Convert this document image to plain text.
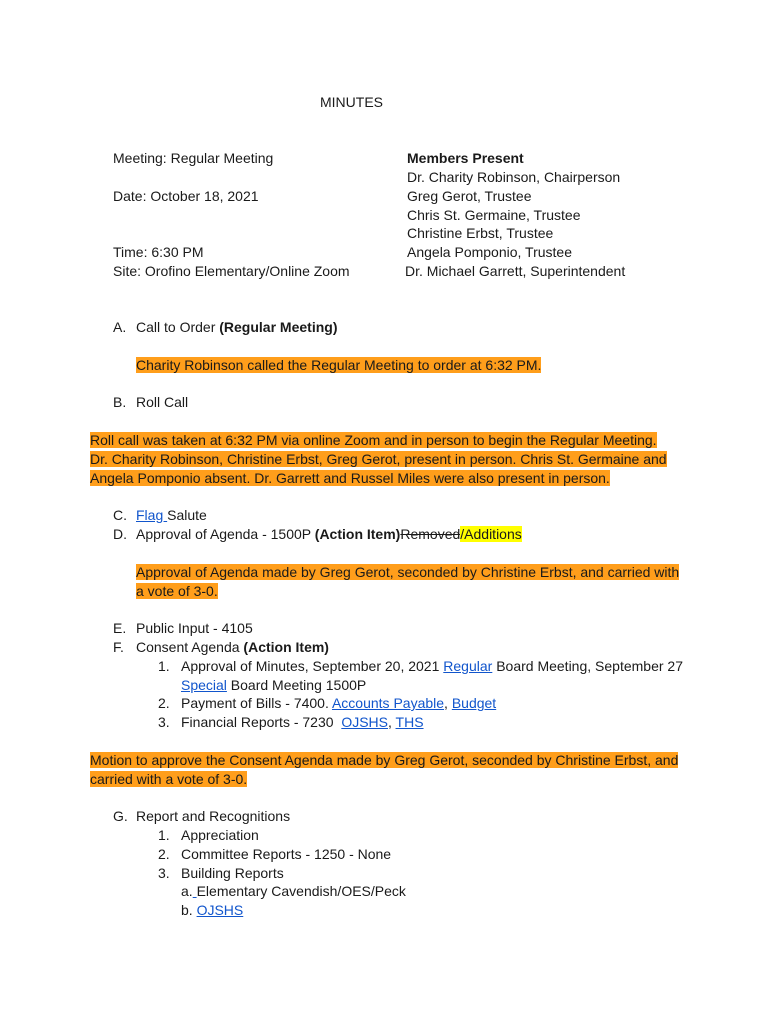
MINUTES
Meeting: Regular Meeting
Date: October 18, 2021
Time: 6:30 PM
Site: Orofino Elementary/Online Zoom
Members Present
Dr. Charity Robinson, Chairperson
Greg Gerot, Trustee
Chris St. Germaine, Trustee
Christine Erbst, Trustee
Angela Pomponio, Trustee
Dr. Michael Garrett, Superintendent
A. Call to Order (Regular Meeting)
Charity Robinson called the Regular Meeting to order at 6:32 PM.
B. Roll Call
Roll call was taken at 6:32 PM via online Zoom and in person to begin the Regular Meeting. Dr. Charity Robinson, Christine Erbst, Greg Gerot, present in person. Chris St. Germaine and Angela Pomponio absent. Dr. Garrett and Russel Miles were also present in person.
C. Flag Salute
D. Approval of Agenda - 1500P (Action Item)Removed/Additions
Approval of Agenda made by Greg Gerot, seconded by Christine Erbst, and carried with a vote of 3-0.
E. Public Input - 4105
F. Consent Agenda (Action Item)
1. Approval of Minutes, September 20, 2021 Regular Board Meeting, September 27
Special Board Meeting 1500P
2. Payment of Bills - 7400. Accounts Payable, Budget
3. Financial Reports - 7230  OJSHS, THS
Motion to approve the Consent Agenda made by Greg Gerot, seconded by Christine Erbst, and carried with a vote of 3-0.
G. Report and Recognitions
1. Appreciation
2. Committee Reports - 1250 - None
3. Building Reports
a. Elementary Cavendish/OES/Peck
b. OJSHS
